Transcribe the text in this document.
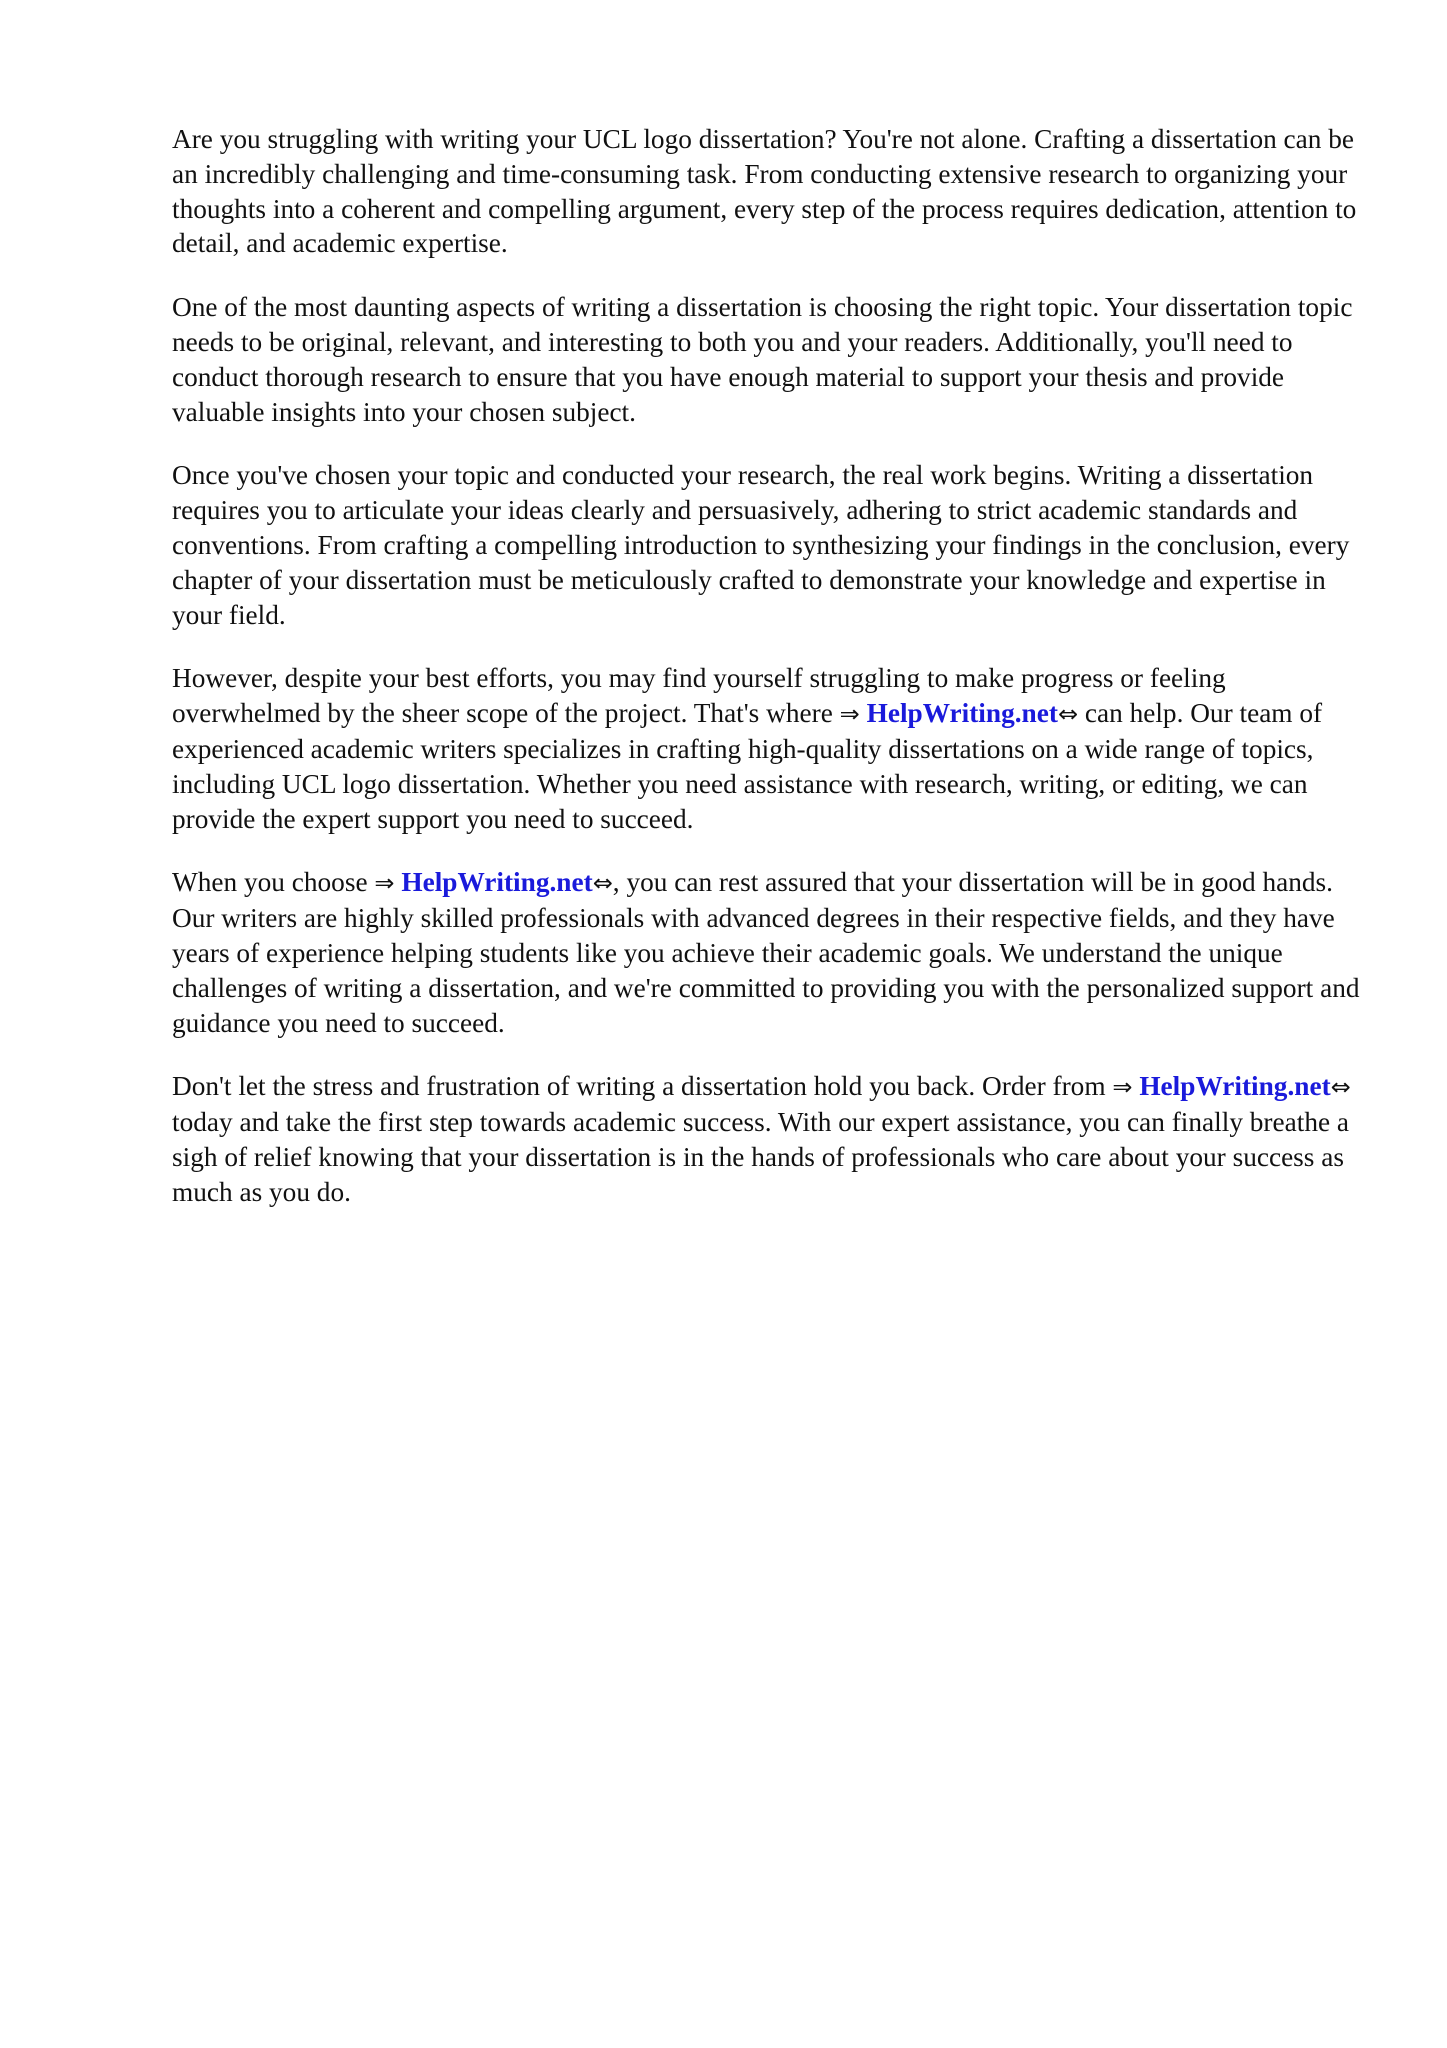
Are you struggling with writing your UCL logo dissertation? You're not alone. Crafting a dissertation can be an incredibly challenging and time-consuming task. From conducting extensive research to organizing your thoughts into a coherent and compelling argument, every step of the process requires dedication, attention to detail, and academic expertise.

One of the most daunting aspects of writing a dissertation is choosing the right topic. Your dissertation topic needs to be original, relevant, and interesting to both you and your readers. Additionally, you'll need to conduct thorough research to ensure that you have enough material to support your thesis and provide valuable insights into your chosen subject.

Once you've chosen your topic and conducted your research, the real work begins. Writing a dissertation requires you to articulate your ideas clearly and persuasively, adhering to strict academic standards and conventions. From crafting a compelling introduction to synthesizing your findings in the conclusion, every chapter of your dissertation must be meticulously crafted to demonstrate your knowledge and expertise in your field.

However, despite your best efforts, you may find yourself struggling to make progress or feeling overwhelmed by the sheer scope of the project. That's where ⇒ HelpWriting.net⇔ can help. Our team of experienced academic writers specializes in crafting high-quality dissertations on a wide range of topics, including UCL logo dissertation. Whether you need assistance with research, writing, or editing, we can provide the expert support you need to succeed.

When you choose ⇒ HelpWriting.net⇔, you can rest assured that your dissertation will be in good hands. Our writers are highly skilled professionals with advanced degrees in their respective fields, and they have years of experience helping students like you achieve their academic goals. We understand the unique challenges of writing a dissertation, and we're committed to providing you with the personalized support and guidance you need to succeed.

Don't let the stress and frustration of writing a dissertation hold you back. Order from ⇒ HelpWriting.net⇔ today and take the first step towards academic success. With our expert assistance, you can finally breathe a sigh of relief knowing that your dissertation is in the hands of professionals who care about your success as much as you do.
